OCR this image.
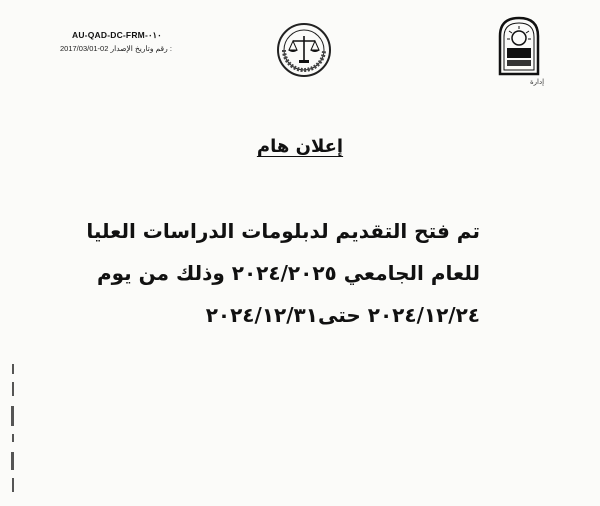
AU-QAD-DC-FRM-٠١٠
2017/03/01-02 رقم وتاريخ الإصدار :
إدارة
إعلان هام

تم فتح التقديم لدبلومات الدراسات العليا

للعام الجامعي ٢٠٢٤/٢٠٢٥ وذلك من يوم

٢٠٢٤/١٢/٢٤ حتى٢٠٢٤/١٢/٣١
